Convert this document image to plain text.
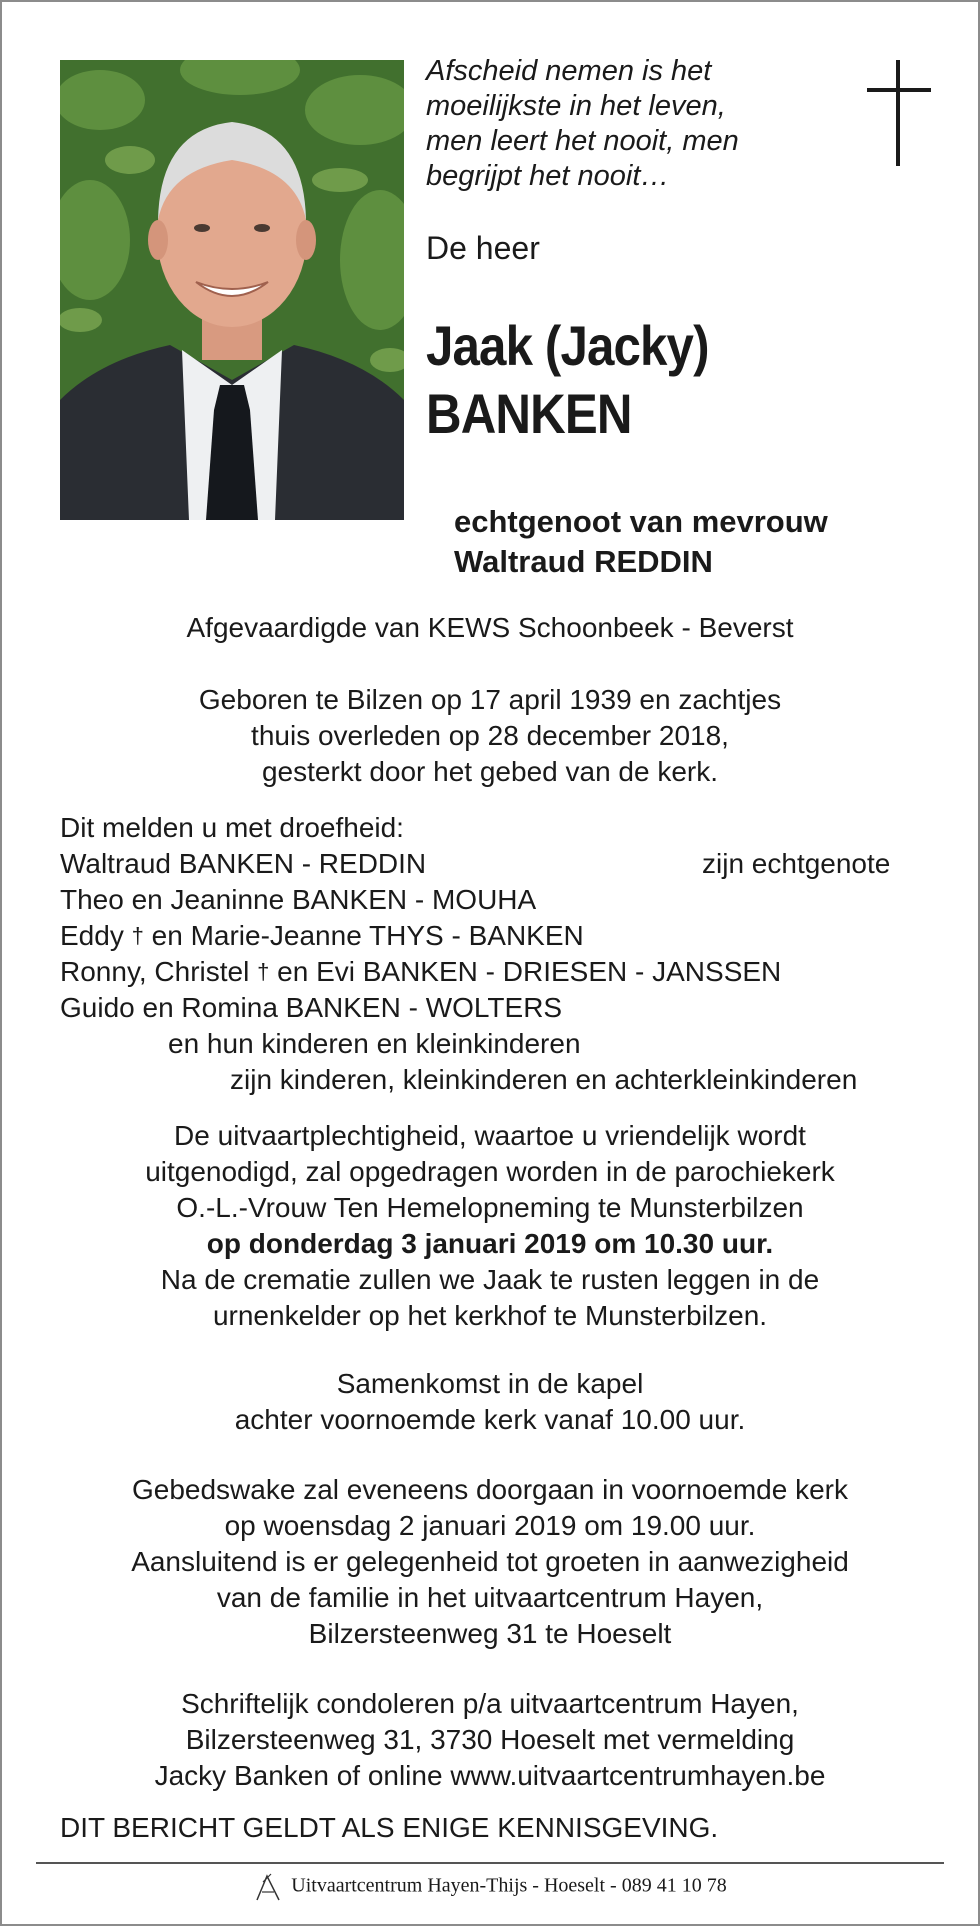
Afscheid nemen is het
moeilijkste in het leven,
men leert het nooit, men
begrijpt het nooit…
De heer
Jaak (Jacky)
BANKEN
echtgenoot van mevrouw
Waltraud REDDIN
Afgevaardigde van KEWS Schoonbeek - Beverst
Geboren te Bilzen op 17 april 1939 en zachtjes
thuis overleden op 28 december 2018,
gesterkt door het gebed van de kerk.
Dit melden u met droefheid:
Waltraud BANKEN - REDDIN	zijn echtgenote
Theo en Jeaninne BANKEN - MOUHA
Eddy † en Marie-Jeanne THYS - BANKEN
Ronny, Christel † en Evi BANKEN - DRIESEN - JANSSEN
Guido en Romina BANKEN - WOLTERS
en hun kinderen en kleinkinderen
zijn kinderen, kleinkinderen en achterkleinkinderen
De uitvaartplechtigheid, waartoe u vriendelijk wordt
uitgenodigd, zal opgedragen worden in de parochiekerk
O.-L.-Vrouw Ten Hemelopneming te Munsterbilzen
op donderdag 3 januari 2019 om 10.30 uur.
Na de crematie zullen we Jaak te rusten leggen in de
urnenkelder op het kerkhof te Munsterbilzen.
Samenkomst in de kapel
achter voornoemde kerk vanaf 10.00 uur.
Gebedswake zal eveneens doorgaan in voornoemde kerk
op woensdag 2 januari 2019 om 19.00 uur.
Aansluitend is er gelegenheid tot groeten in aanwezigheid
van de familie in het uitvaartcentrum Hayen,
Bilzersteenweg 31 te Hoeselt
Schriftelijk condoleren p/a uitvaartcentrum Hayen,
Bilzersteenweg 31, 3730 Hoeselt met vermelding
Jacky Banken of online www.uitvaartcentrumhayen.be
DIT BERICHT GELDT ALS ENIGE KENNISGEVING.
Uitvaartcentrum Hayen-Thijs - Hoeselt - 089 41 10 78
